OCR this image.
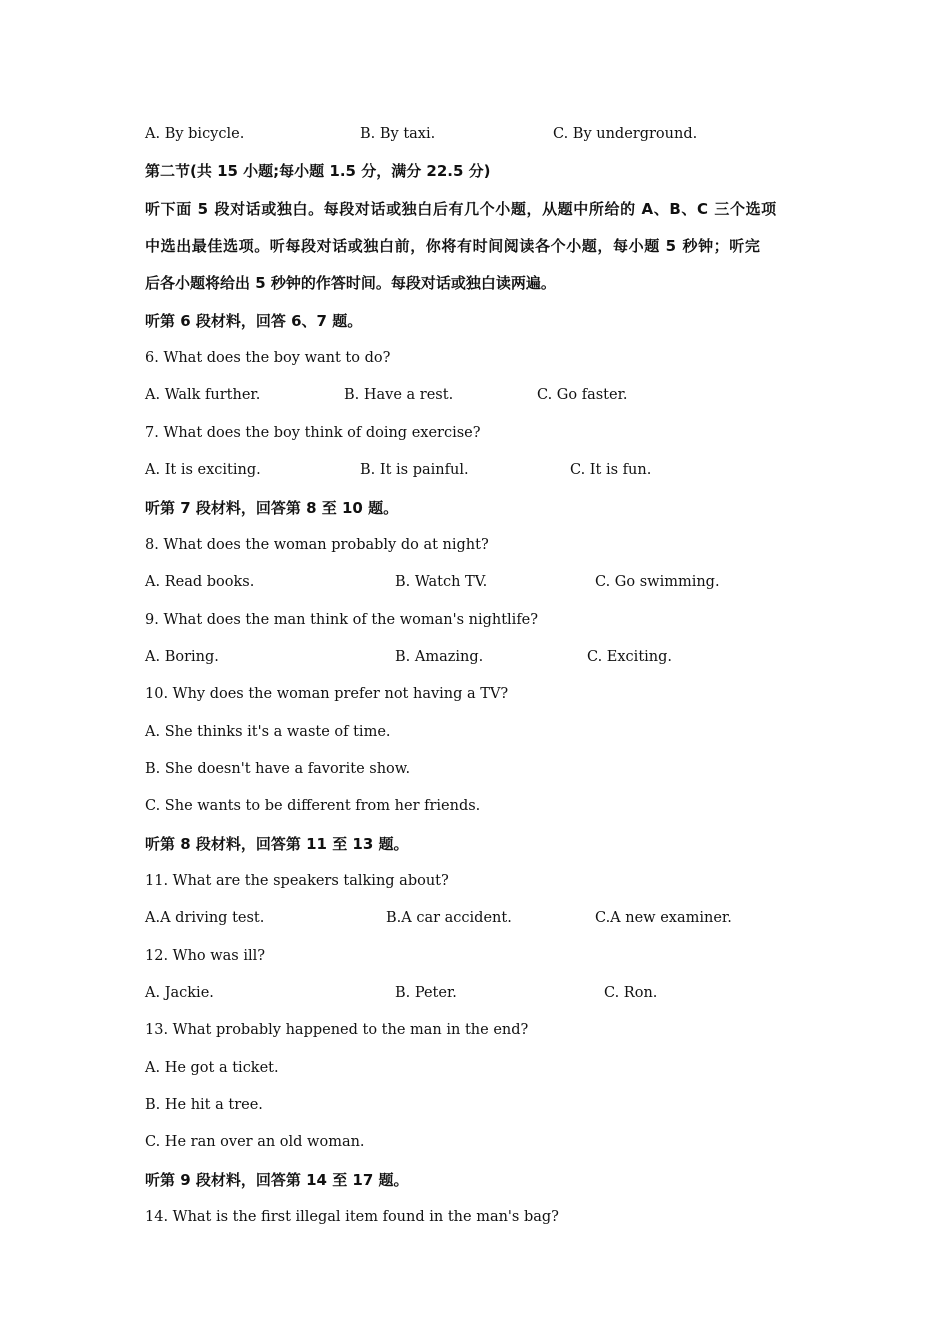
A. By bicycle.

	B. By taxi.

	C. By underground.

第二节(共 15 小题;每小题 1.5 分，满分 22.5 分)
听下面 5 段对话或独白。每段对话或独白后有几个小题，从题中所给的 A、B、C 三个选项
中选出最佳选项。听每段对话或独白前，你将有时间阅读各个小题，每小题 5 秒钟；听完
后各小题将给出 5 秒钟的作答时间。每段对话或独白读两遍。
听第 6 段材料，回答 6、7 题。
6. What does the boy want to do?

A. Walk further.

	B. Have a rest.

	C. Go faster.

7. What does the boy think of doing exercise?

A. It is exciting.

	B. It is painful.

	C. It is fun.

听第 7 段材料，回答第 8 至 10 题。
8. What does the woman probably do at night?

A. Read books.

	B. Watch TV.

	C. Go swimming.

9. What does the man think of the woman's nightlife?

A. Boring.

	B. Amazing.

	C. Exciting.

10. Why does the woman prefer not having a TV?
A. She thinks it's a waste of time.
B. She doesn't have a favorite show.
C. She wants to be different from her friends.
听第 8 段材料，回答第 11 至 13 题。
11. What are the speakers talking about?

A.A driving test.

	B.A car accident.

	C.A new examiner.

12. Who was ill?

A. Jackie.

	B. Peter.

	C. Ron.

13. What probably happened to the man in the end?
A. He got a ticket.
B. He hit a tree.
C. He ran over an old woman.
听第 9 段材料，回答第 14 至 17 题。
14. What is the first illegal item found in the man's bag?
